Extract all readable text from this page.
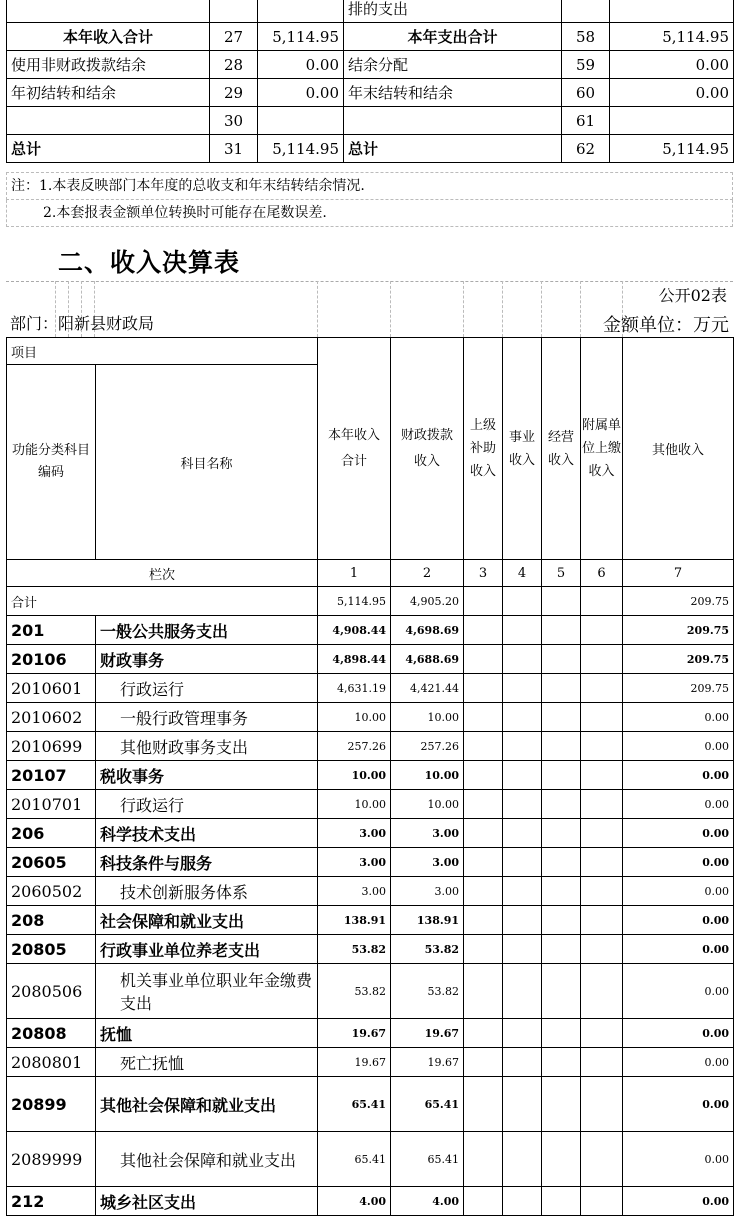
			排的支出		
本年收入合计	27	5,114.95	本年支出合计	58	5,114.95
使用非财政拨款结余	28	0.00	结余分配	59	0.00
年初结转和结余	29	0.00	年末结转和结余	60	0.00
	30			61	
总计	31	5,114.95	总计	62	5,114.95
注：1.本表反映部门本年度的总收支和年末结转结余情况.
2.本套报表金额单位转换时可能存在尾数误差.
二、收入决算表
公开02表
部门：阳新县财政局	金额单位：万元
项目		本年收入合计	财政拨款收入	上级补助收入	事业收入	经营收入	附属单位上缴收入	其他收入
功能分类科目编码	科目名称							
栏次		1	2	3	4	5	6	7
合计		5,114.95	4,905.20					209.75
201	一般公共服务支出	4,908.44	4,698.69					209.75
20106	财政事务	4,898.44	4,688.69					209.75
2010601	行政运行	4,631.19	4,421.44					209.75
2010602	一般行政管理事务	10.00	10.00					0.00
2010699	其他财政事务支出	257.26	257.26					0.00
20107	税收事务	10.00	10.00					0.00
2010701	行政运行	10.00	10.00					0.00
206	科学技术支出	3.00	3.00					0.00
20605	科技条件与服务	3.00	3.00					0.00
2060502	技术创新服务体系	3.00	3.00					0.00
208	社会保障和就业支出	138.91	138.91					0.00
20805	行政事业单位养老支出	53.82	53.82					0.00
2080506	机关事业单位职业年金缴费支出	53.82	53.82					0.00
20808	抚恤	19.67	19.67					0.00
2080801	死亡抚恤	19.67	19.67					0.00
20899	其他社会保障和就业支出	65.41	65.41					0.00
2089999	其他社会保障和就业支出	65.41	65.41					0.00
212	城乡社区支出	4.00	4.00					0.00
